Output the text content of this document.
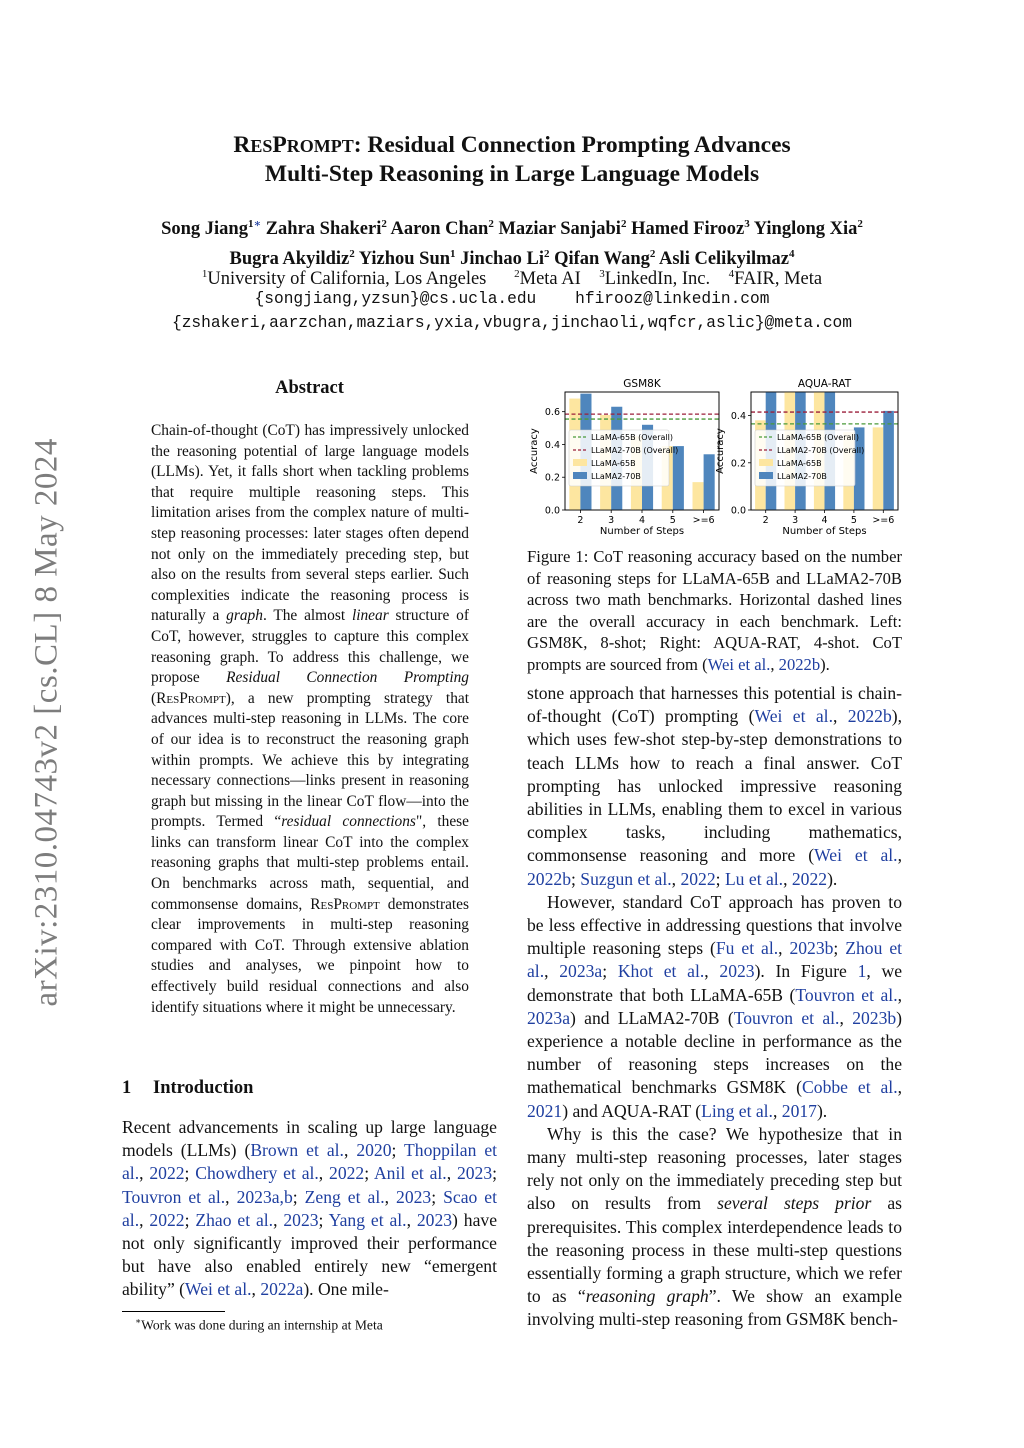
RESPROMPT: Residual Connection Prompting Advances
Multi-Step Reasoning in Large Language Models
Song Jiang$^{1∗}$ Zahra Shakeri$^2$ Aaron Chan$^2$ Maziar Sanjabi$^2$ Hamed Firooz$^3$ Yinglong Xia$^2$
Bugra Akyildiz$^2$ Yizhou Sun$^1$ Jinchao Li$^2$ Qifan Wang$^2$ Asli Celikyilmaz$^4$
$^1$University of California, Los Angeles	$^2$Meta AI $^3$LinkedIn, Inc. $^4$FAIR, Meta
{songjiang,yzsun}@cs.ucla.edu hfirooz@linkedin.com
{zshakeri,aarzchan,maziars,yxia,vbugra,jinchaoli,wqfcr,aslic}@meta.com
arXiv:2310.04743v2 [cs.CL] 8 May 2024
Abstract

Chain-of-thought (CoT) has impressively unlocked the reasoning potential of large language models (LLMs). Yet, it falls short when tackling problems that require multiple reasoning steps. This limitation arises from the complex nature of multi-step reasoning processes: later stages often depend not only on the immediately preceding step, but also on the results from several steps earlier. Such complexities indicate the reasoning process is naturally a graph. The almost linear structure of CoT, however, struggles to capture this complex reasoning graph. To address this challenge, we propose Residual Connection Prompting (ResPrompt), a new prompting strategy that advances multi-step reasoning in LLMs. The core of our idea is to reconstruct the reasoning graph within prompts. We achieve this by integrating necessary connections—links present in reasoning graph but missing in the linear CoT flow—into the prompts. Termed “residual connections", these links can transform linear CoT into the complex reasoning graphs that multi-step problems entail. On benchmarks across math, sequential, and commonsense domains, ResPrompt demonstrates clear improvements in multi-step reasoning compared with CoT. Through extensive ablation studies and analyses, we pinpoint how to effectively build residual connections and also identify situations where it might be unnecessary.

1 Introduction

Recent advancements in scaling up large language models (LLMs) (Brown et al., 2020; Thoppilan et al., 2022; Chowdhery et al., 2022; Anil et al., 2023; Touvron et al., 2023a,b; Zeng et al., 2023; Scao et al., 2022; Zhao et al., 2023; Yang et al., 2023) have not only significantly improved their performance but have also enabled entirely new “emergent ability” (Wei et al., 2022a). One mile-

∗Work was done during an internship at Meta
GSM8K
0.0
0.2
0.4
0.6
2	3	4	5 >=6
Number of Steps
Accuracy	LLaMA-65B (Overall)
LLaMA2-70B (Overall)
LLaMA-65B
LLaMA2-70B
AQUA-RAT
0.0
0.2
0.4
2 3 4 5 >=6
Number of Steps
Accuracy	LLaMA-65B (Overall)
LLaMA2-70B (Overall)
LLaMA-65B
LLaMA2-70B

Figure 1: CoT reasoning accuracy based on the number of reasoning steps for LLaMA-65B and LLaMA2-70B across two math benchmarks. Horizontal dashed lines are the overall accuracy in each benchmark. Left: GSM8K, 8-shot; Right: AQUA-RAT, 4-shot. CoT prompts are sourced from (Wei et al., 2022b).

stone approach that harnesses this potential is chain-of-thought (CoT) prompting (Wei et al., 2022b), which uses few-shot step-by-step demonstrations to teach LLMs how to reach a final answer. CoT prompting has unlocked impressive reasoning abilities in LLMs, enabling them to excel in various complex tasks, including mathematics, commonsense reasoning and more (Wei et al., 2022b; Suzgun et al., 2022; Lu et al., 2022).

However, standard CoT approach has proven to be less effective in addressing questions that involve multiple reasoning steps (Fu et al., 2023b; Zhou et al., 2023a; Khot et al., 2023). In Figure 1, we demonstrate that both LLaMA-65B (Touvron et al., 2023a) and LLaMA2-70B (Touvron et al., 2023b) experience a notable decline in performance as the number of reasoning steps increases on the mathematical benchmarks GSM8K (Cobbe et al., 2021) and AQUA-RAT (Ling et al., 2017).

Why is this the case? We hypothesize that in many multi-step reasoning processes, later stages rely not only on the immediately preceding step but also on results from several steps prior as prerequisites. This complex interdependence leads to the reasoning process in these multi-step questions essentially forming a graph structure, which we refer to as “reasoning graph”. We show an example involving multi-step reasoning from GSM8K bench-
